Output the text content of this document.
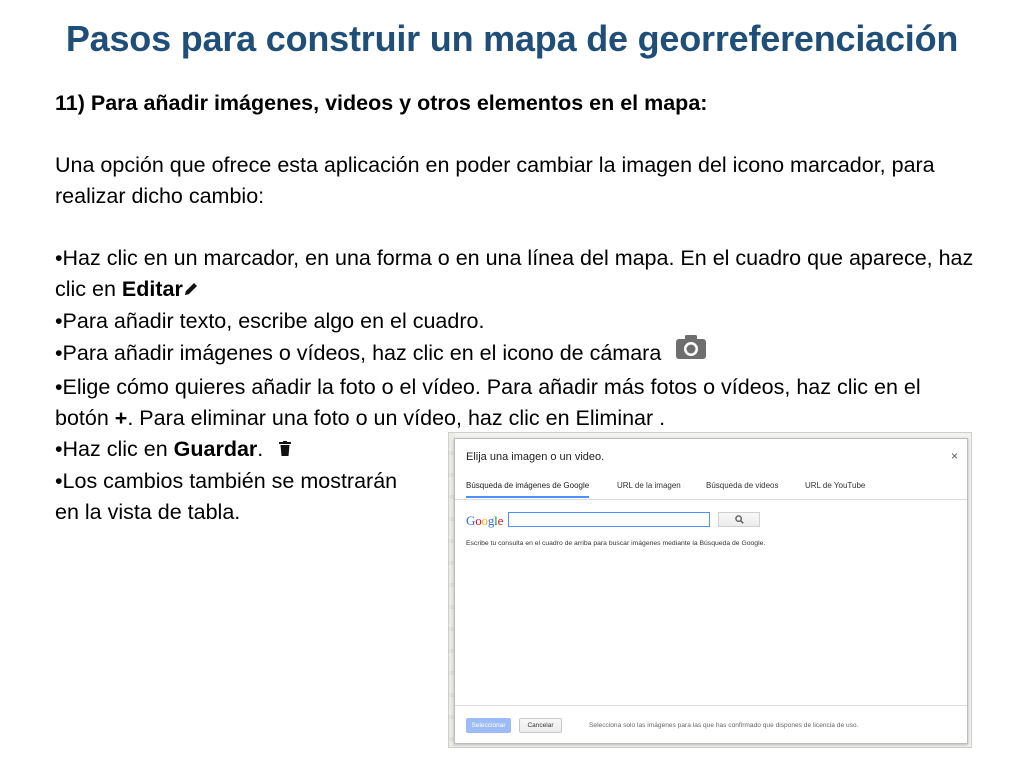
Pasos para construir un mapa de georreferenciación
11) Para añadir imágenes, videos y otros elementos en el mapa:
Una opción que ofrece esta aplicación en poder cambiar la imagen del icono marcador, para realizar dicho cambio:
•Haz clic en un marcador, en una forma o en una línea del mapa. En el cuadro que aparece, haz clic en Editar
•Para añadir texto, escribe algo en el cuadro.
•Para añadir imágenes o vídeos, haz clic en el icono de cámara
•Elige cómo quieres añadir la foto o el vídeo. Para añadir más fotos o vídeos, haz clic en el botón +. Para eliminar una foto o un vídeo, haz clic en Eliminar .
•Haz clic en Guardar.
•Los cambios también se mostrarán
en la vista de tabla.
Elija una imagen o un video.	×
Búsqueda de imágenes de Google	URL de la imagen	Búsqueda de videos	URL de YouTube
Google
Escribe tu consulta en el cuadro de arriba para buscar imágenes mediante la Búsqueda de Google.
Seleccionar	Cancelar	Selecciona solo las imágenes para las que has confirmado que dispones de licencia de uso.
